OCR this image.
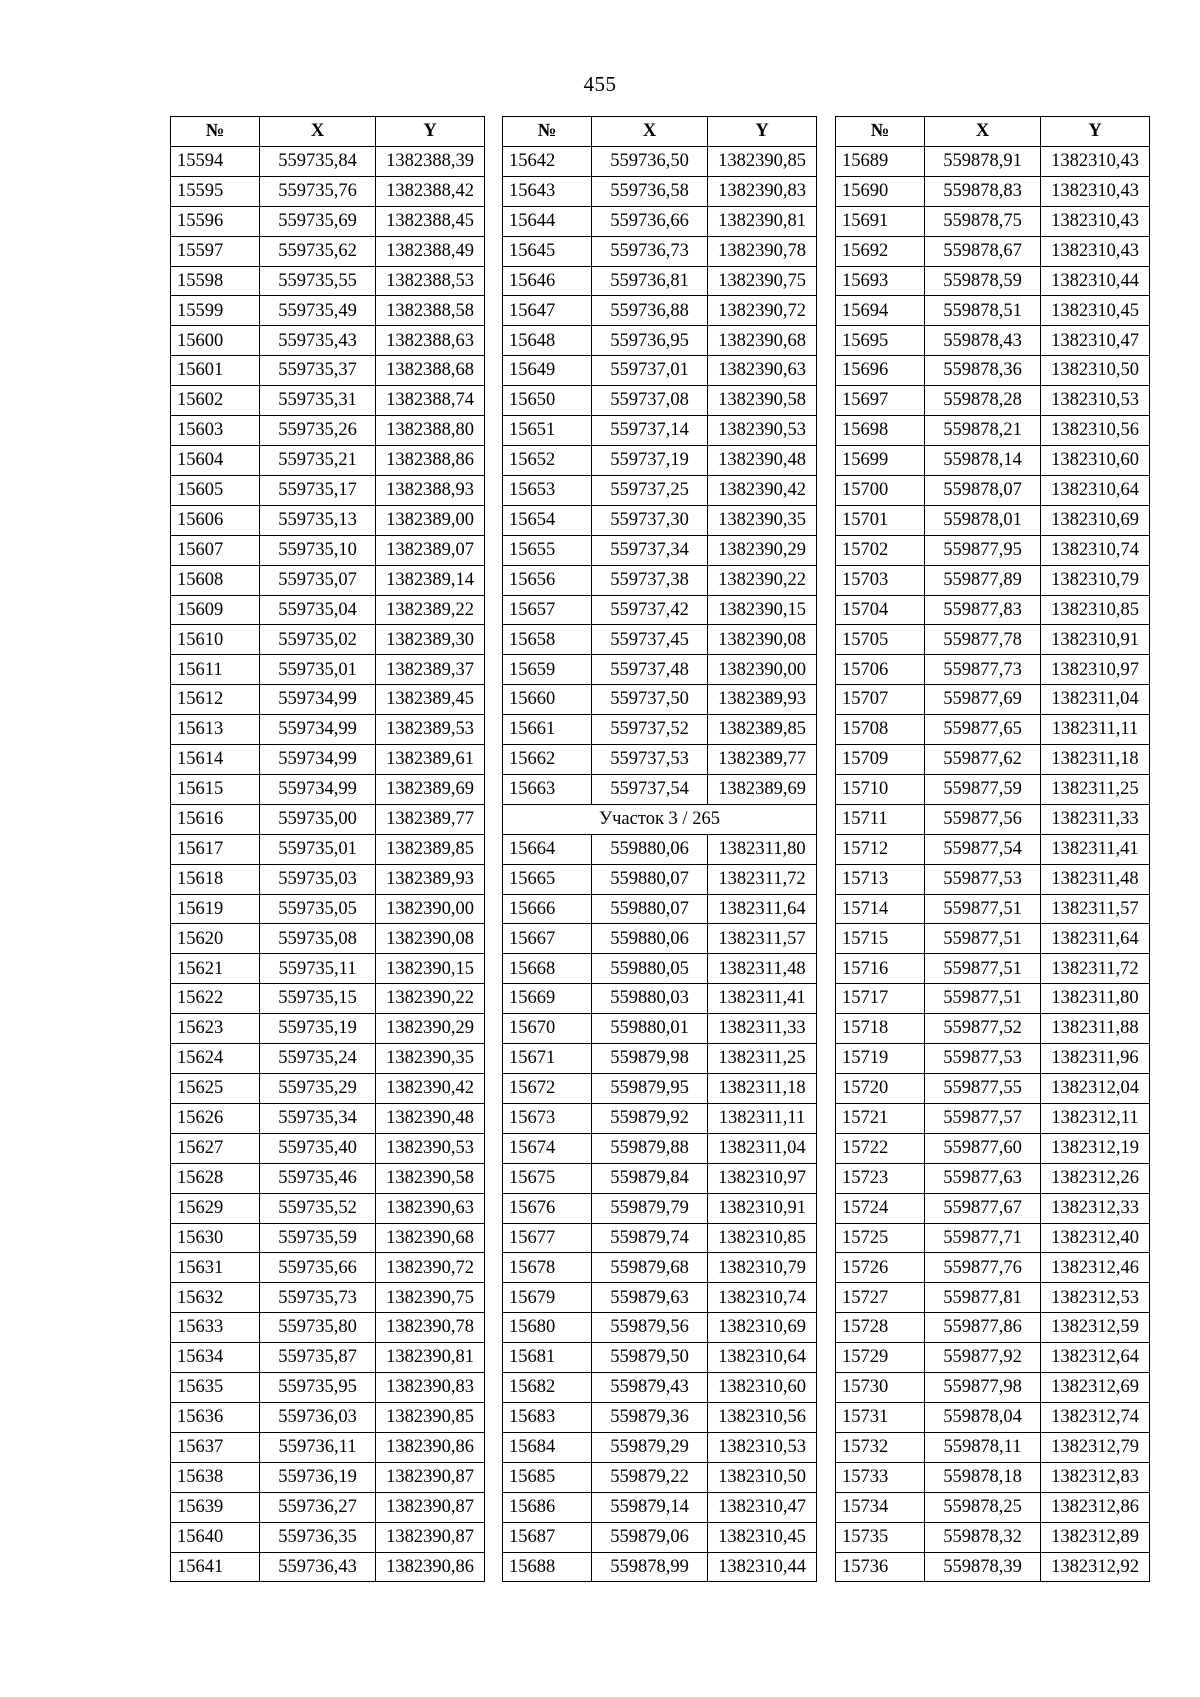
455
№	X	Y
15594	559735,84	1382388,39
15595	559735,76	1382388,42
15596	559735,69	1382388,45
15597	559735,62	1382388,49
15598	559735,55	1382388,53
15599	559735,49	1382388,58
15600	559735,43	1382388,63
15601	559735,37	1382388,68
15602	559735,31	1382388,74
15603	559735,26	1382388,80
15604	559735,21	1382388,86
15605	559735,17	1382388,93
15606	559735,13	1382389,00
15607	559735,10	1382389,07
15608	559735,07	1382389,14
15609	559735,04	1382389,22
15610	559735,02	1382389,30
15611	559735,01	1382389,37
15612	559734,99	1382389,45
15613	559734,99	1382389,53
15614	559734,99	1382389,61
15615	559734,99	1382389,69
15616	559735,00	1382389,77
15617	559735,01	1382389,85
15618	559735,03	1382389,93
15619	559735,05	1382390,00
15620	559735,08	1382390,08
15621	559735,11	1382390,15
15622	559735,15	1382390,22
15623	559735,19	1382390,29
15624	559735,24	1382390,35
15625	559735,29	1382390,42
15626	559735,34	1382390,48
15627	559735,40	1382390,53
15628	559735,46	1382390,58
15629	559735,52	1382390,63
15630	559735,59	1382390,68
15631	559735,66	1382390,72
15632	559735,73	1382390,75
15633	559735,80	1382390,78
15634	559735,87	1382390,81
15635	559735,95	1382390,83
15636	559736,03	1382390,85
15637	559736,11	1382390,86
15638	559736,19	1382390,87
15639	559736,27	1382390,87
15640	559736,35	1382390,87
15641	559736,43	1382390,86
№	X	Y
15642	559736,50	1382390,85
15643	559736,58	1382390,83
15644	559736,66	1382390,81
15645	559736,73	1382390,78
15646	559736,81	1382390,75
15647	559736,88	1382390,72
15648	559736,95	1382390,68
15649	559737,01	1382390,63
15650	559737,08	1382390,58
15651	559737,14	1382390,53
15652	559737,19	1382390,48
15653	559737,25	1382390,42
15654	559737,30	1382390,35
15655	559737,34	1382390,29
15656	559737,38	1382390,22
15657	559737,42	1382390,15
15658	559737,45	1382390,08
15659	559737,48	1382390,00
15660	559737,50	1382389,93
15661	559737,52	1382389,85
15662	559737,53	1382389,77
15663	559737,54	1382389,69
Участок 3 / 265		
15664	559880,06	1382311,80
15665	559880,07	1382311,72
15666	559880,07	1382311,64
15667	559880,06	1382311,57
15668	559880,05	1382311,48
15669	559880,03	1382311,41
15670	559880,01	1382311,33
15671	559879,98	1382311,25
15672	559879,95	1382311,18
15673	559879,92	1382311,11
15674	559879,88	1382311,04
15675	559879,84	1382310,97
15676	559879,79	1382310,91
15677	559879,74	1382310,85
15678	559879,68	1382310,79
15679	559879,63	1382310,74
15680	559879,56	1382310,69
15681	559879,50	1382310,64
15682	559879,43	1382310,60
15683	559879,36	1382310,56
15684	559879,29	1382310,53
15685	559879,22	1382310,50
15686	559879,14	1382310,47
15687	559879,06	1382310,45
15688	559878,99	1382310,44
№	X	Y
15689	559878,91	1382310,43
15690	559878,83	1382310,43
15691	559878,75	1382310,43
15692	559878,67	1382310,43
15693	559878,59	1382310,44
15694	559878,51	1382310,45
15695	559878,43	1382310,47
15696	559878,36	1382310,50
15697	559878,28	1382310,53
15698	559878,21	1382310,56
15699	559878,14	1382310,60
15700	559878,07	1382310,64
15701	559878,01	1382310,69
15702	559877,95	1382310,74
15703	559877,89	1382310,79
15704	559877,83	1382310,85
15705	559877,78	1382310,91
15706	559877,73	1382310,97
15707	559877,69	1382311,04
15708	559877,65	1382311,11
15709	559877,62	1382311,18
15710	559877,59	1382311,25
15711	559877,56	1382311,33
15712	559877,54	1382311,41
15713	559877,53	1382311,48
15714	559877,51	1382311,57
15715	559877,51	1382311,64
15716	559877,51	1382311,72
15717	559877,51	1382311,80
15718	559877,52	1382311,88
15719	559877,53	1382311,96
15720	559877,55	1382312,04
15721	559877,57	1382312,11
15722	559877,60	1382312,19
15723	559877,63	1382312,26
15724	559877,67	1382312,33
15725	559877,71	1382312,40
15726	559877,76	1382312,46
15727	559877,81	1382312,53
15728	559877,86	1382312,59
15729	559877,92	1382312,64
15730	559877,98	1382312,69
15731	559878,04	1382312,74
15732	559878,11	1382312,79
15733	559878,18	1382312,83
15734	559878,25	1382312,86
15735	559878,32	1382312,89
15736	559878,39	1382312,92
